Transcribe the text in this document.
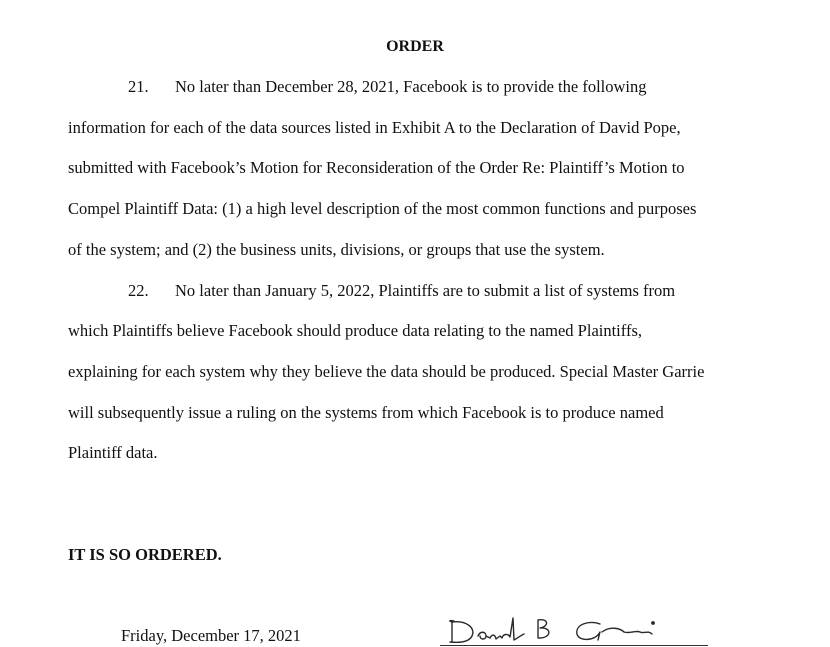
ORDER
21. No later than December 28, 2021, Facebook is to provide the following
information for each of the data sources listed in Exhibit A to the Declaration of David Pope,
submitted with Facebook’s Motion for Reconsideration of the Order Re: Plaintiff’s Motion to
Compel Plaintiff Data: (1) a high level description of the most common functions and purposes
of the system; and (2) the business units, divisions, or groups that use the system.
22. No later than January 5, 2022, Plaintiffs are to submit a list of systems from
which Plaintiffs believe Facebook should produce data relating to the named Plaintiffs,
explaining for each system why they believe the data should be produced. Special Master Garrie
will subsequently issue a ruling on the systems from which Facebook is to produce named
Plaintiff data.
IT IS SO ORDERED.
Friday, December 17, 2021
